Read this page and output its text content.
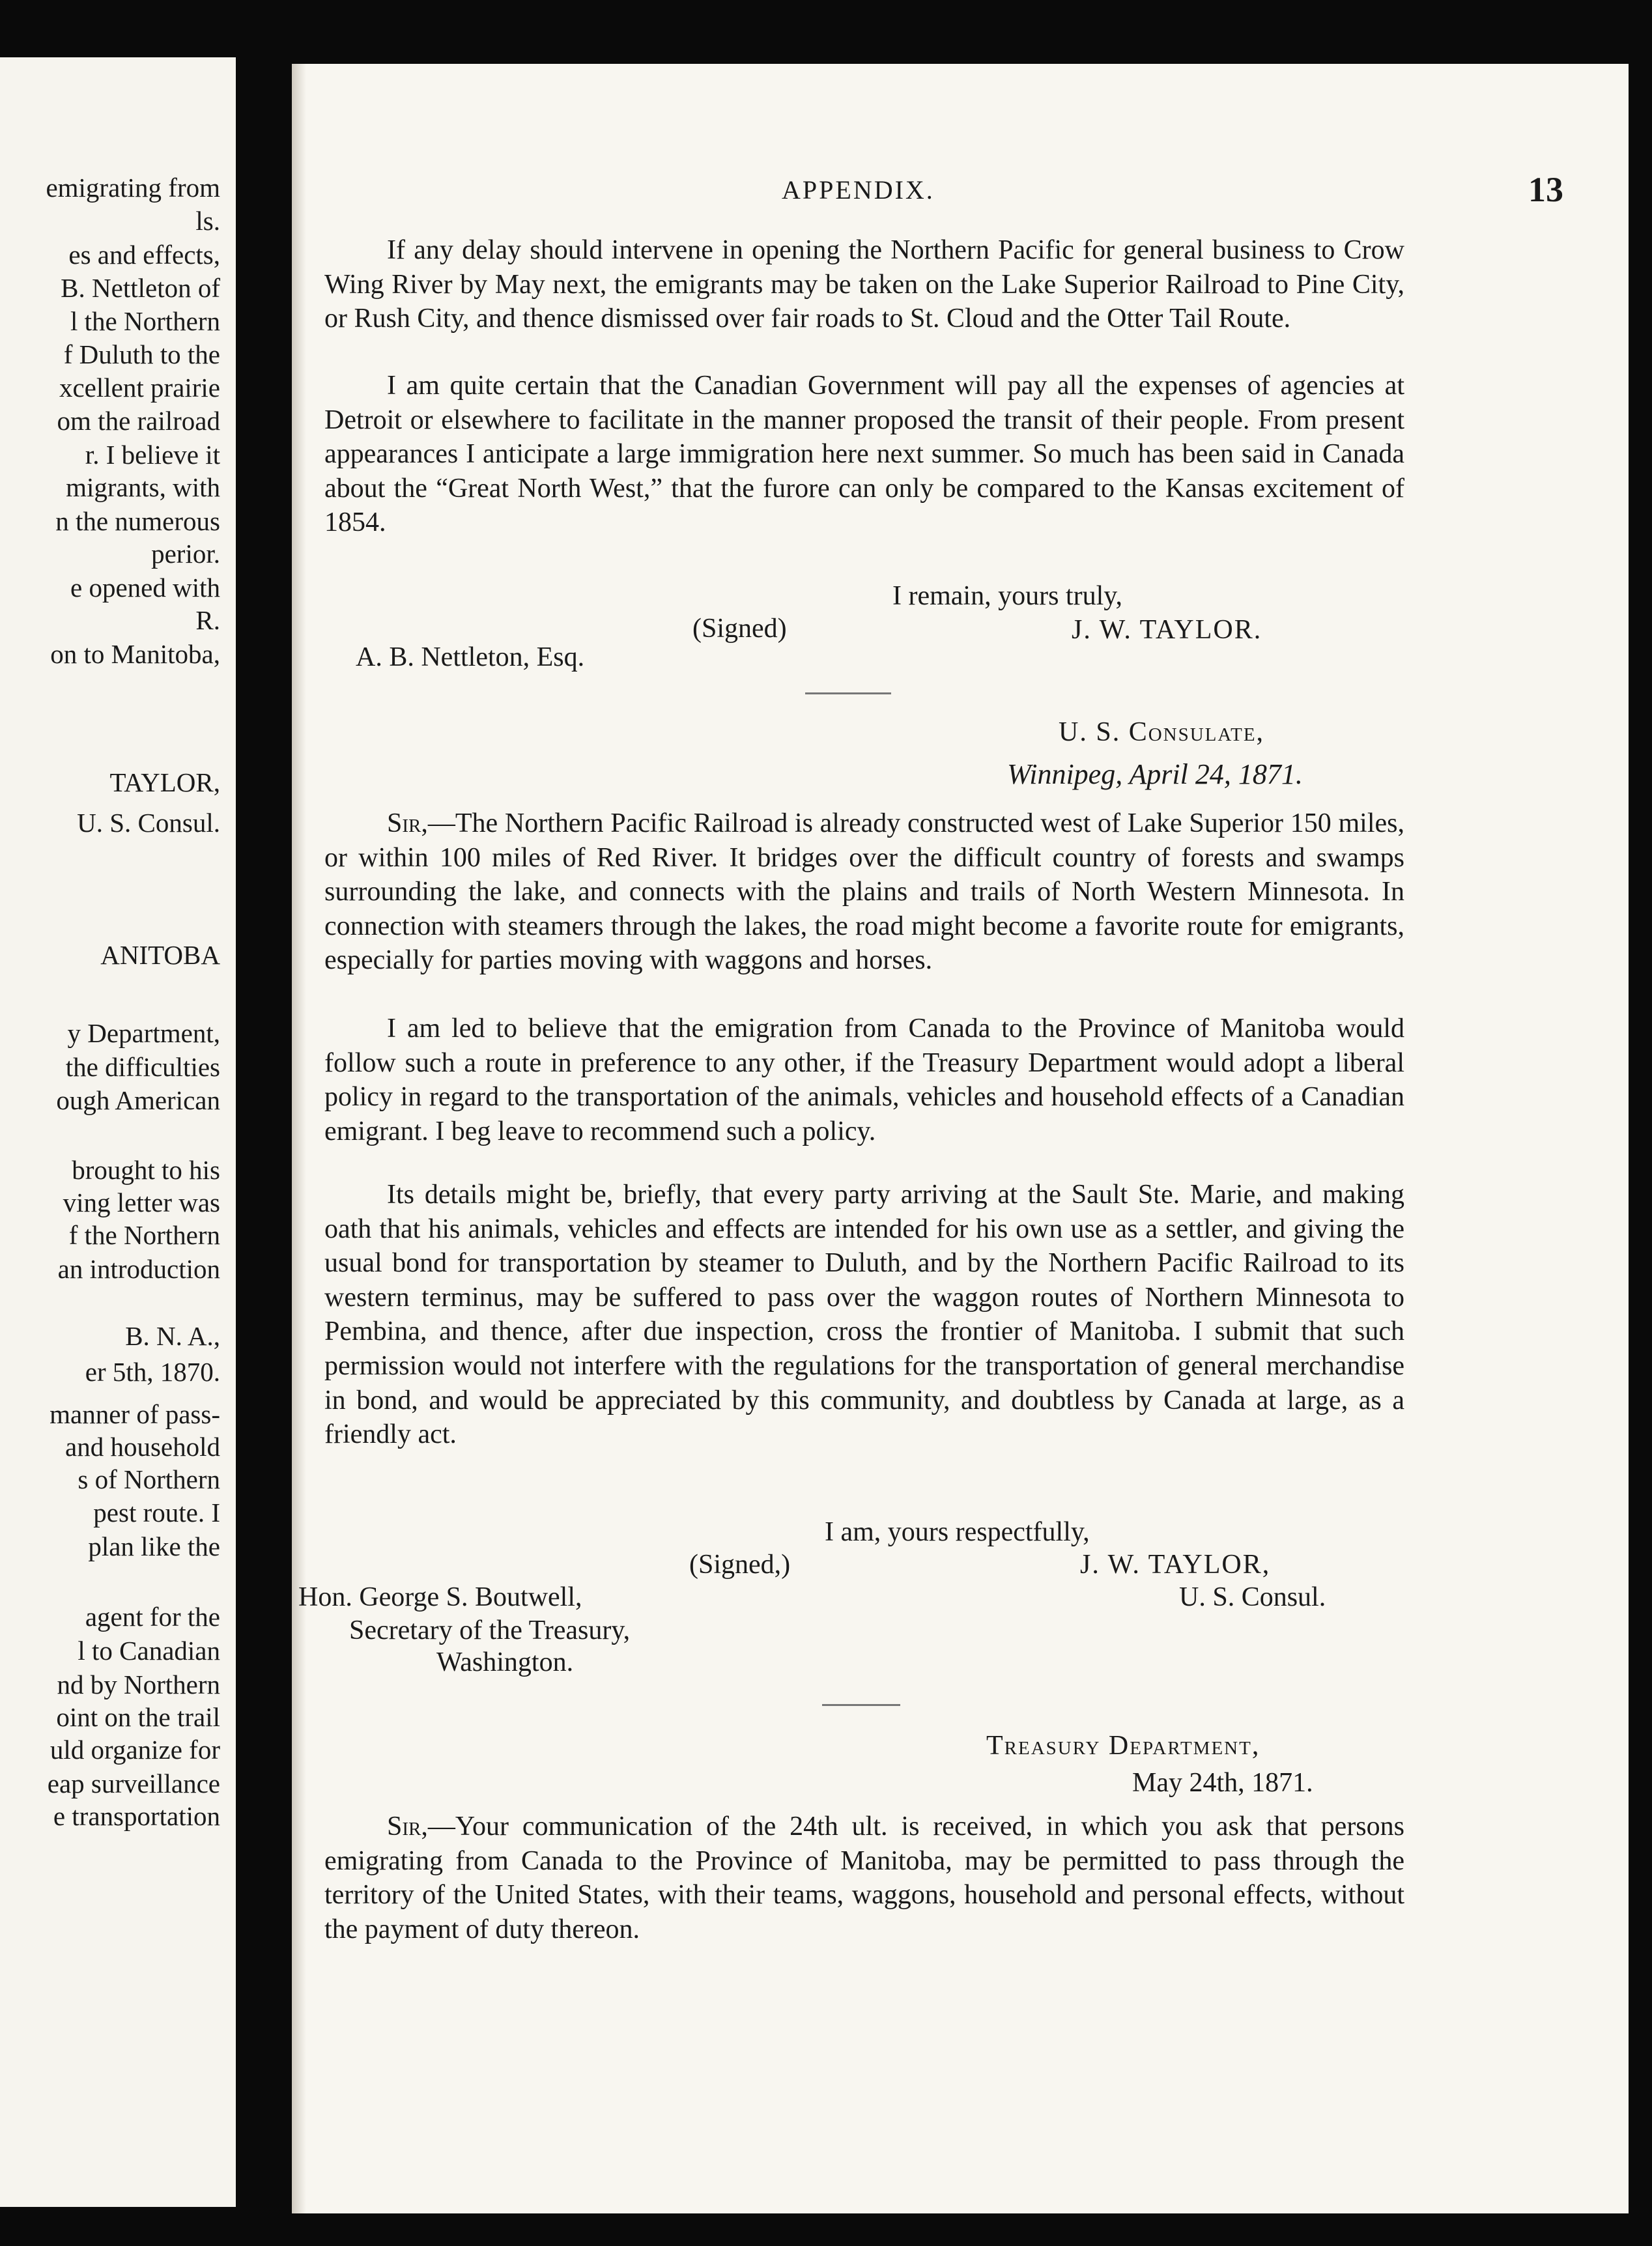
emigrating from
ls.
es and effects,
B. Nettleton of
l the Northern
f Duluth to the
xcellent prairie
om the railroad
r. I believe it
migrants, with
n the numerous
perior.
e opened with
R.
on to Manitoba,
TAYLOR,
U. S. Consul.
ANITOBA
y Department,
the difficulties
ough American
brought to his
ving letter was
f the Northern
an introduction
B. N. A.,
er 5th, 1870.
manner of pass-
and household
s of Northern
pest route. I
plan like the
agent for the
l to Canadian
nd by Northern
oint on the trail
uld organize for
eap surveillance
e transportation
APPENDIX.	13

If any delay should intervene in opening the Northern Pacific for general business to Crow Wing River by May next, the emigrants may be taken on the Lake Superior Railroad to Pine City, or Rush City, and thence dismissed over fair roads to St. Cloud and the Otter Tail Route.

I am quite certain that the Canadian Government will pay all the expenses of agencies at Detroit or elsewhere to facilitate in the manner proposed the transit of their people. From present appearances I anticipate a large immigration here next summer. So much has been said in Canada about the “Great North West,” that the furore can only be compared to the Kansas excitement of 1854.

I remain, yours truly,
(Signed)	J. W. TAYLOR.
A. B. Nettleton, Esq.
U. S. Consulate,
Winnipeg, April 24, 1871.

Sir,—The Northern Pacific Railroad is already constructed west of Lake Superior 150 miles, or within 100 miles of Red River. It bridges over the difficult country of forests and swamps surrounding the lake, and connects with the plains and trails of North Western Minnesota. In connection with steamers through the lakes, the road might become a favorite route for emigrants, especially for parties moving with waggons and horses.

I am led to believe that the emigration from Canada to the Province of Manitoba would follow such a route in preference to any other, if the Treasury Department would adopt a liberal policy in regard to the transportation of the animals, vehicles and household effects of a Canadian emigrant. I beg leave to recommend such a policy.

Its details might be, briefly, that every party arriving at the Sault Ste. Marie, and making oath that his animals, vehicles and effects are intended for his own use as a settler, and giving the usual bond for transportation by steamer to Duluth, and by the Northern Pacific Railroad to its western terminus, may be suffered to pass over the waggon routes of Northern Minnesota to Pembina, and thence, after due inspection, cross the frontier of Manitoba. I submit that such permission would not interfere with the regulations for the transportation of general merchandise in bond, and would be appreciated by this community, and doubtless by Canada at large, as a friendly act.

I am, yours respectfully,
(Signed,)	J. W. TAYLOR,
Hon. George S. Boutwell,	U. S. Consul.
Secretary of the Treasury,
Washington.
Treasury Department,
May 24th, 1871.

Sir,—Your communication of the 24th ult. is received, in which you ask that persons emigrating from Canada to the Province of Manitoba, may be permitted to pass through the territory of the United States, with their teams, waggons, household and personal effects, without the payment of duty thereon.
